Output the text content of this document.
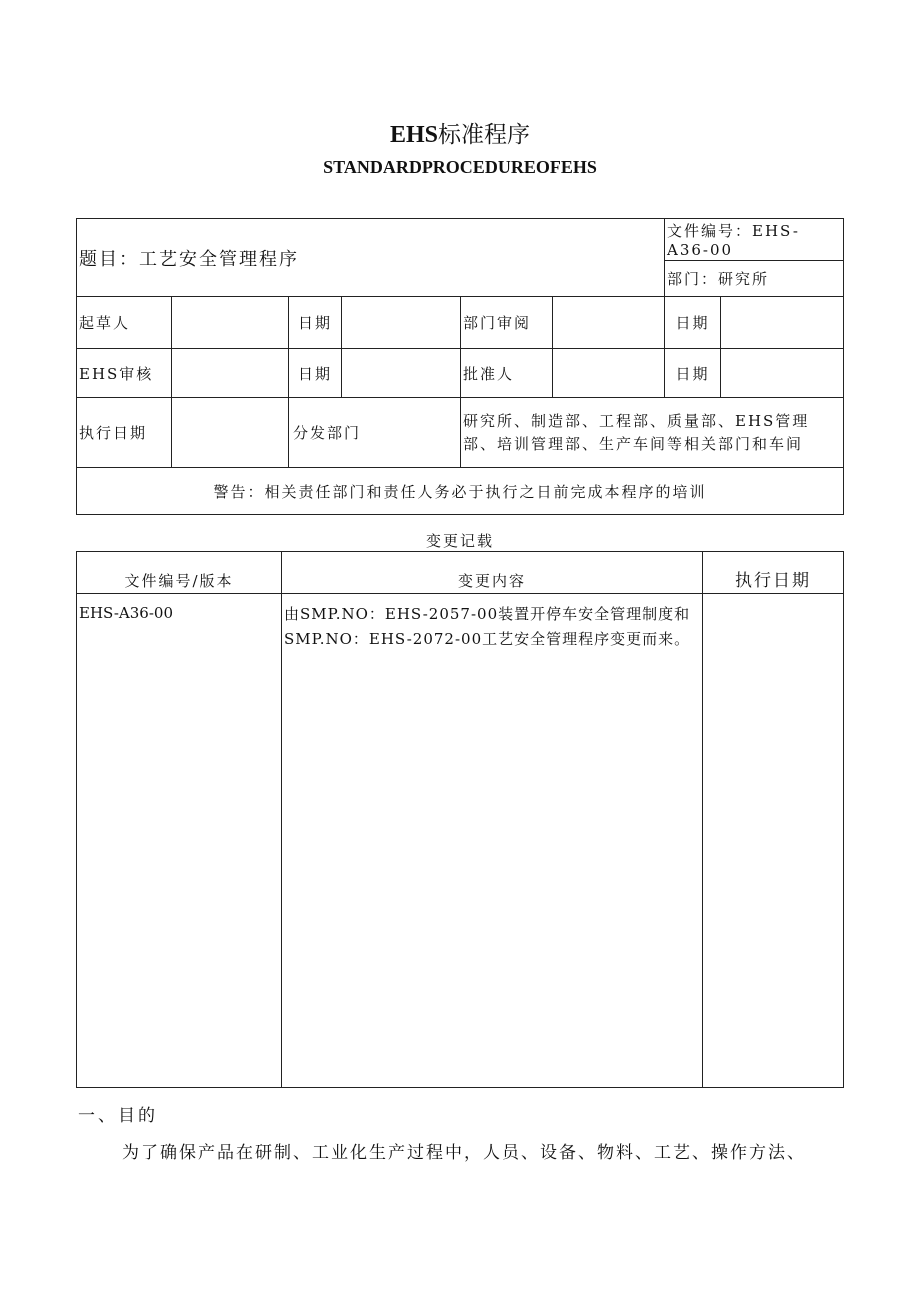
EHS标准程序
STANDARDPROCEDUREOFEHS
题目：工艺安全管理程序						文件编号：EHS-A36-00	
						部门：研究所	
起草人		日期		部门审阅		日期	
EHS审核		日期		批准人		日期	
执行日期		分发部门		研究所、制造部、工程部、质量部、EHS管理部、培训管理部、生产车间等相关部门和车间			
警告：相关责任部门和责任人务必于执行之日前完成本程序的培训							
变更记载
文件编号/版本	变更内容	执行日期
EHS-A36-00	由SMP.NO：EHS-2057-00装置开停车安全管理制度和SMP.NO：EHS-2072-00工艺安全管理程序变更而来。	
一、目的
为了确保产品在研制、工业化生产过程中，人员、设备、物料、工艺、操作方法、
